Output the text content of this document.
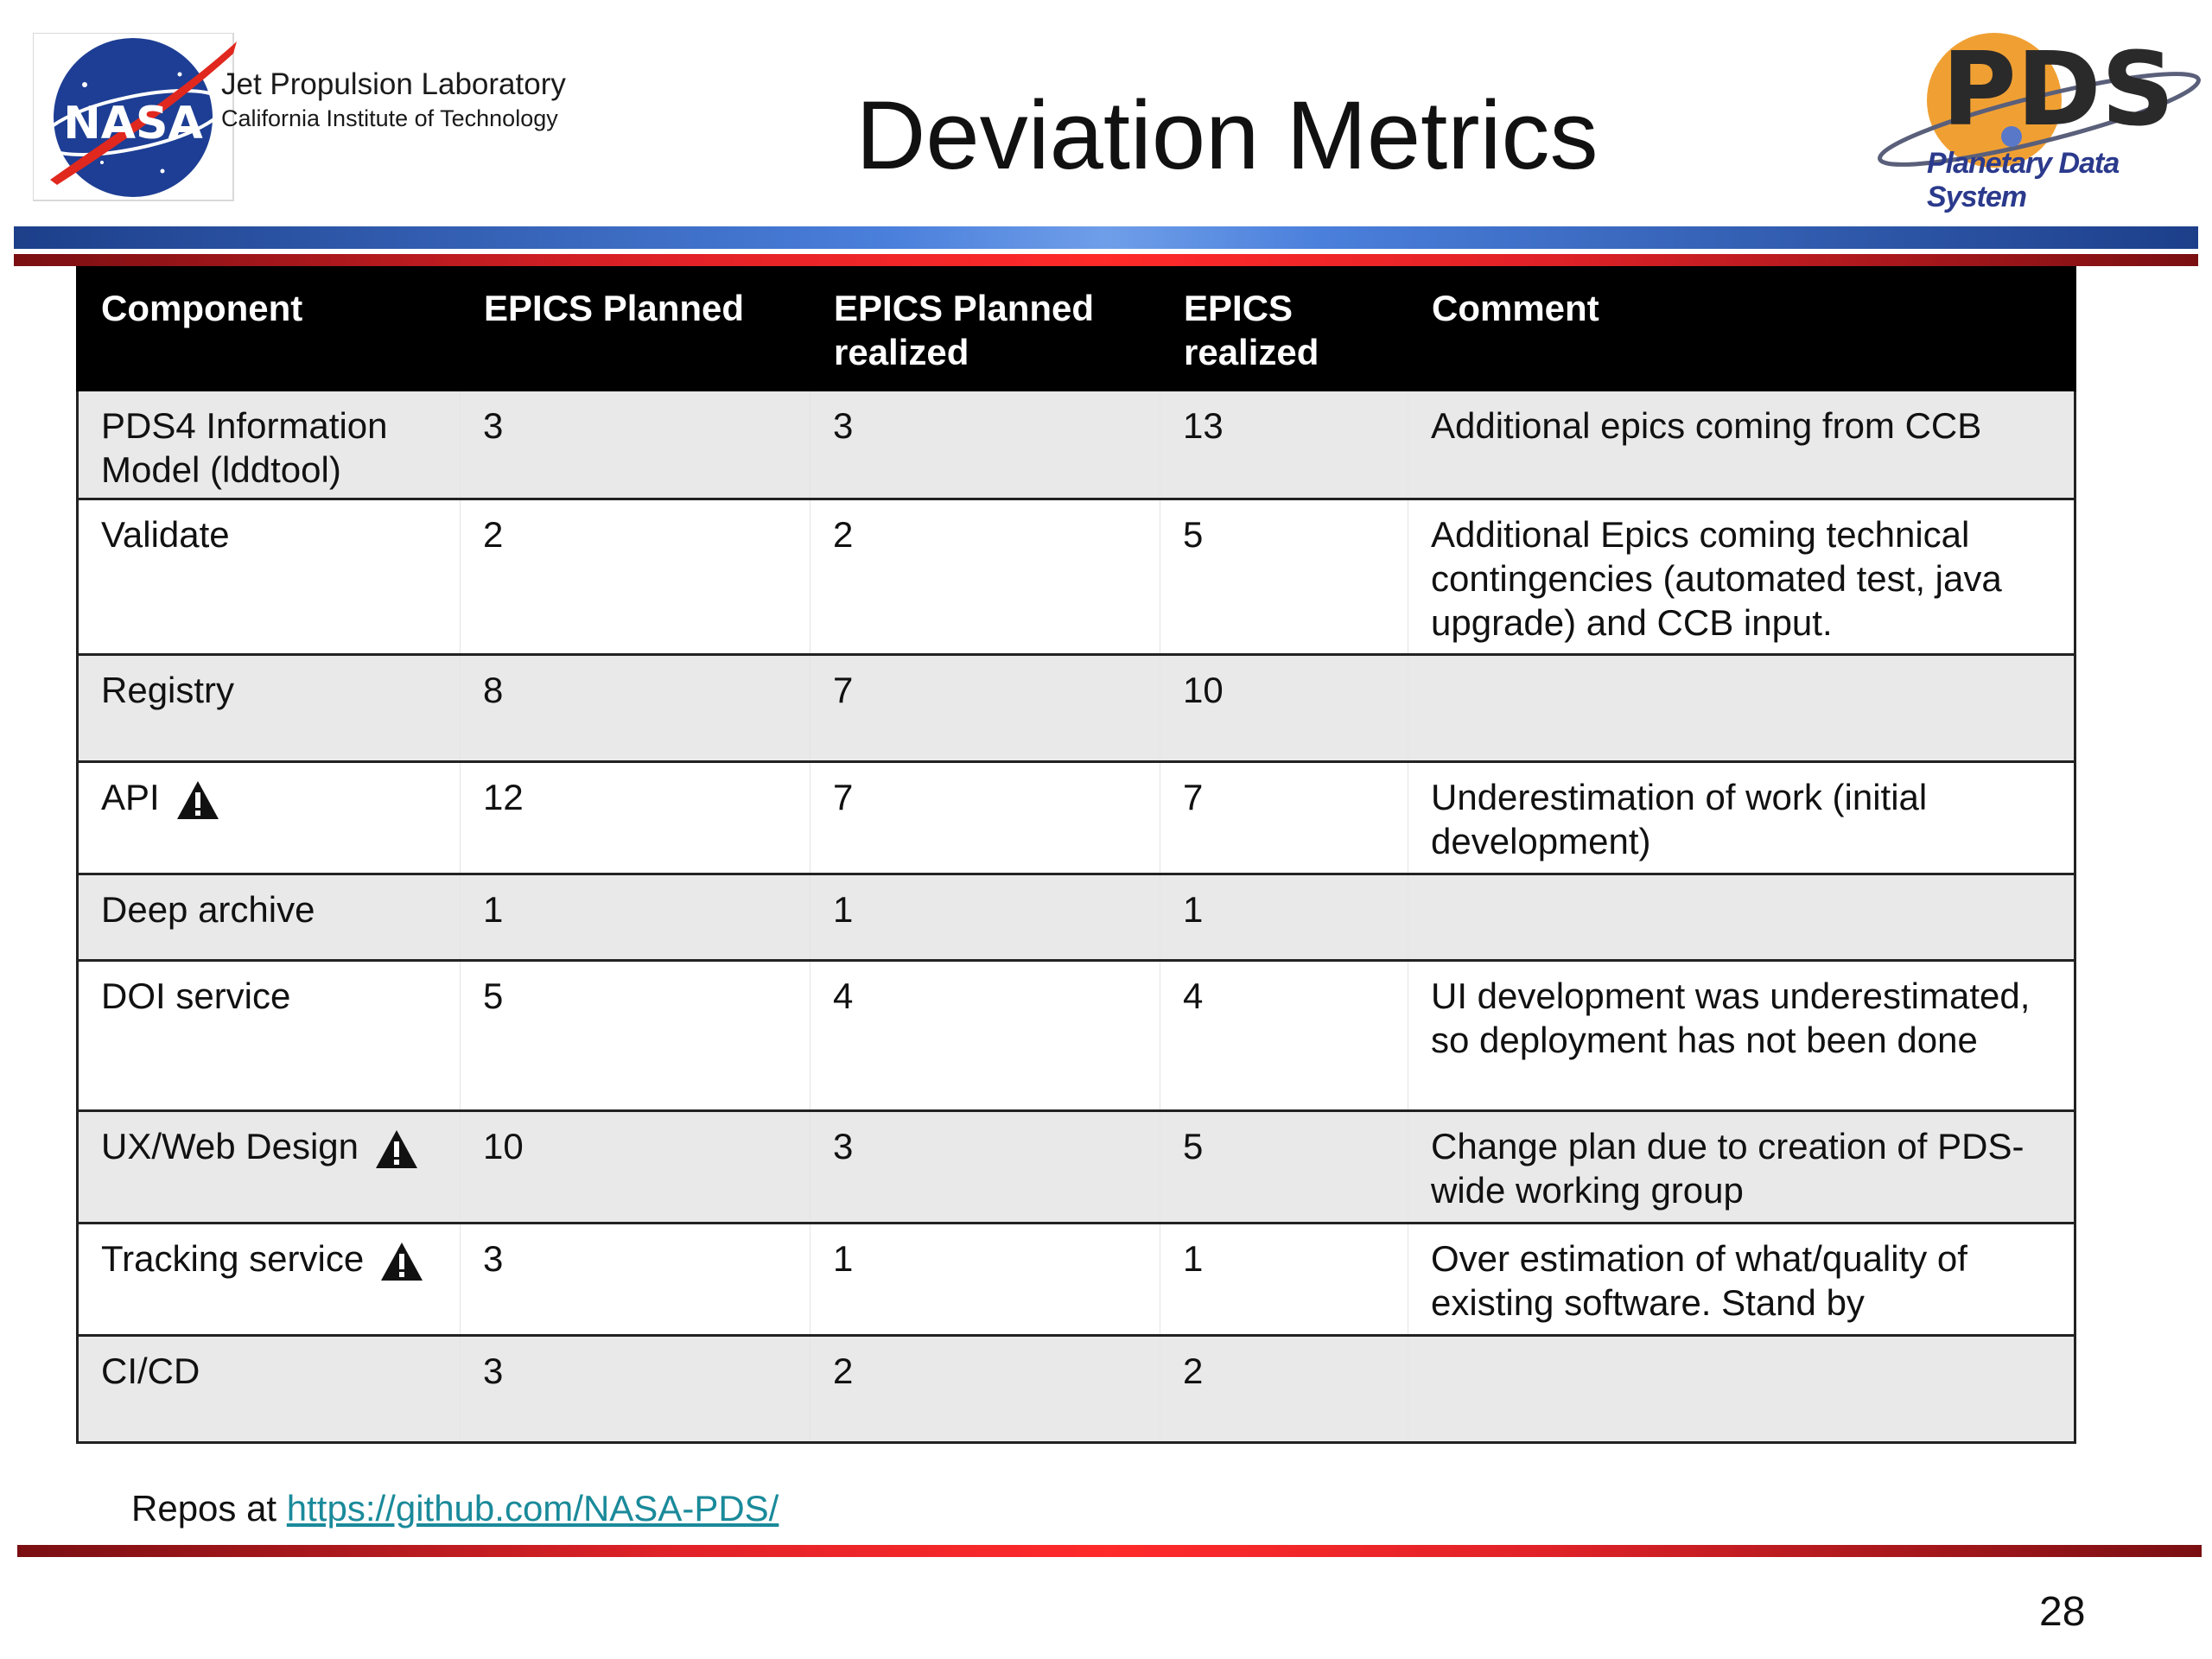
NASA
Jet Propulsion Laboratory
California Institute of Technology	Deviation Metrics	PDS
Planetary Data System
Component	EPICS Planned	EPICS Planned realized	EPICS realized	Comment
PDS4 Information Model (lddtool)	3	3	13	Additional epics coming from CCB
Validate	2	2	5	Additional Epics coming technical contingencies (automated test, java upgrade) and CCB input.
Registry	8	7	10	
API	12	7	7	Underestimation of work (initial development)
Deep archive	1	1	1	
DOI service	5	4	4	UI development was underestimated, so deployment has not been done
UX/Web Design	10	3	5	Change plan due to creation of PDS-wide working group
Tracking service	3	1	1	Over estimation of what/quality of existing software. Stand by
CI/CD	3	2	2	
Repos at https://github.com/NASA-PDS/
28
